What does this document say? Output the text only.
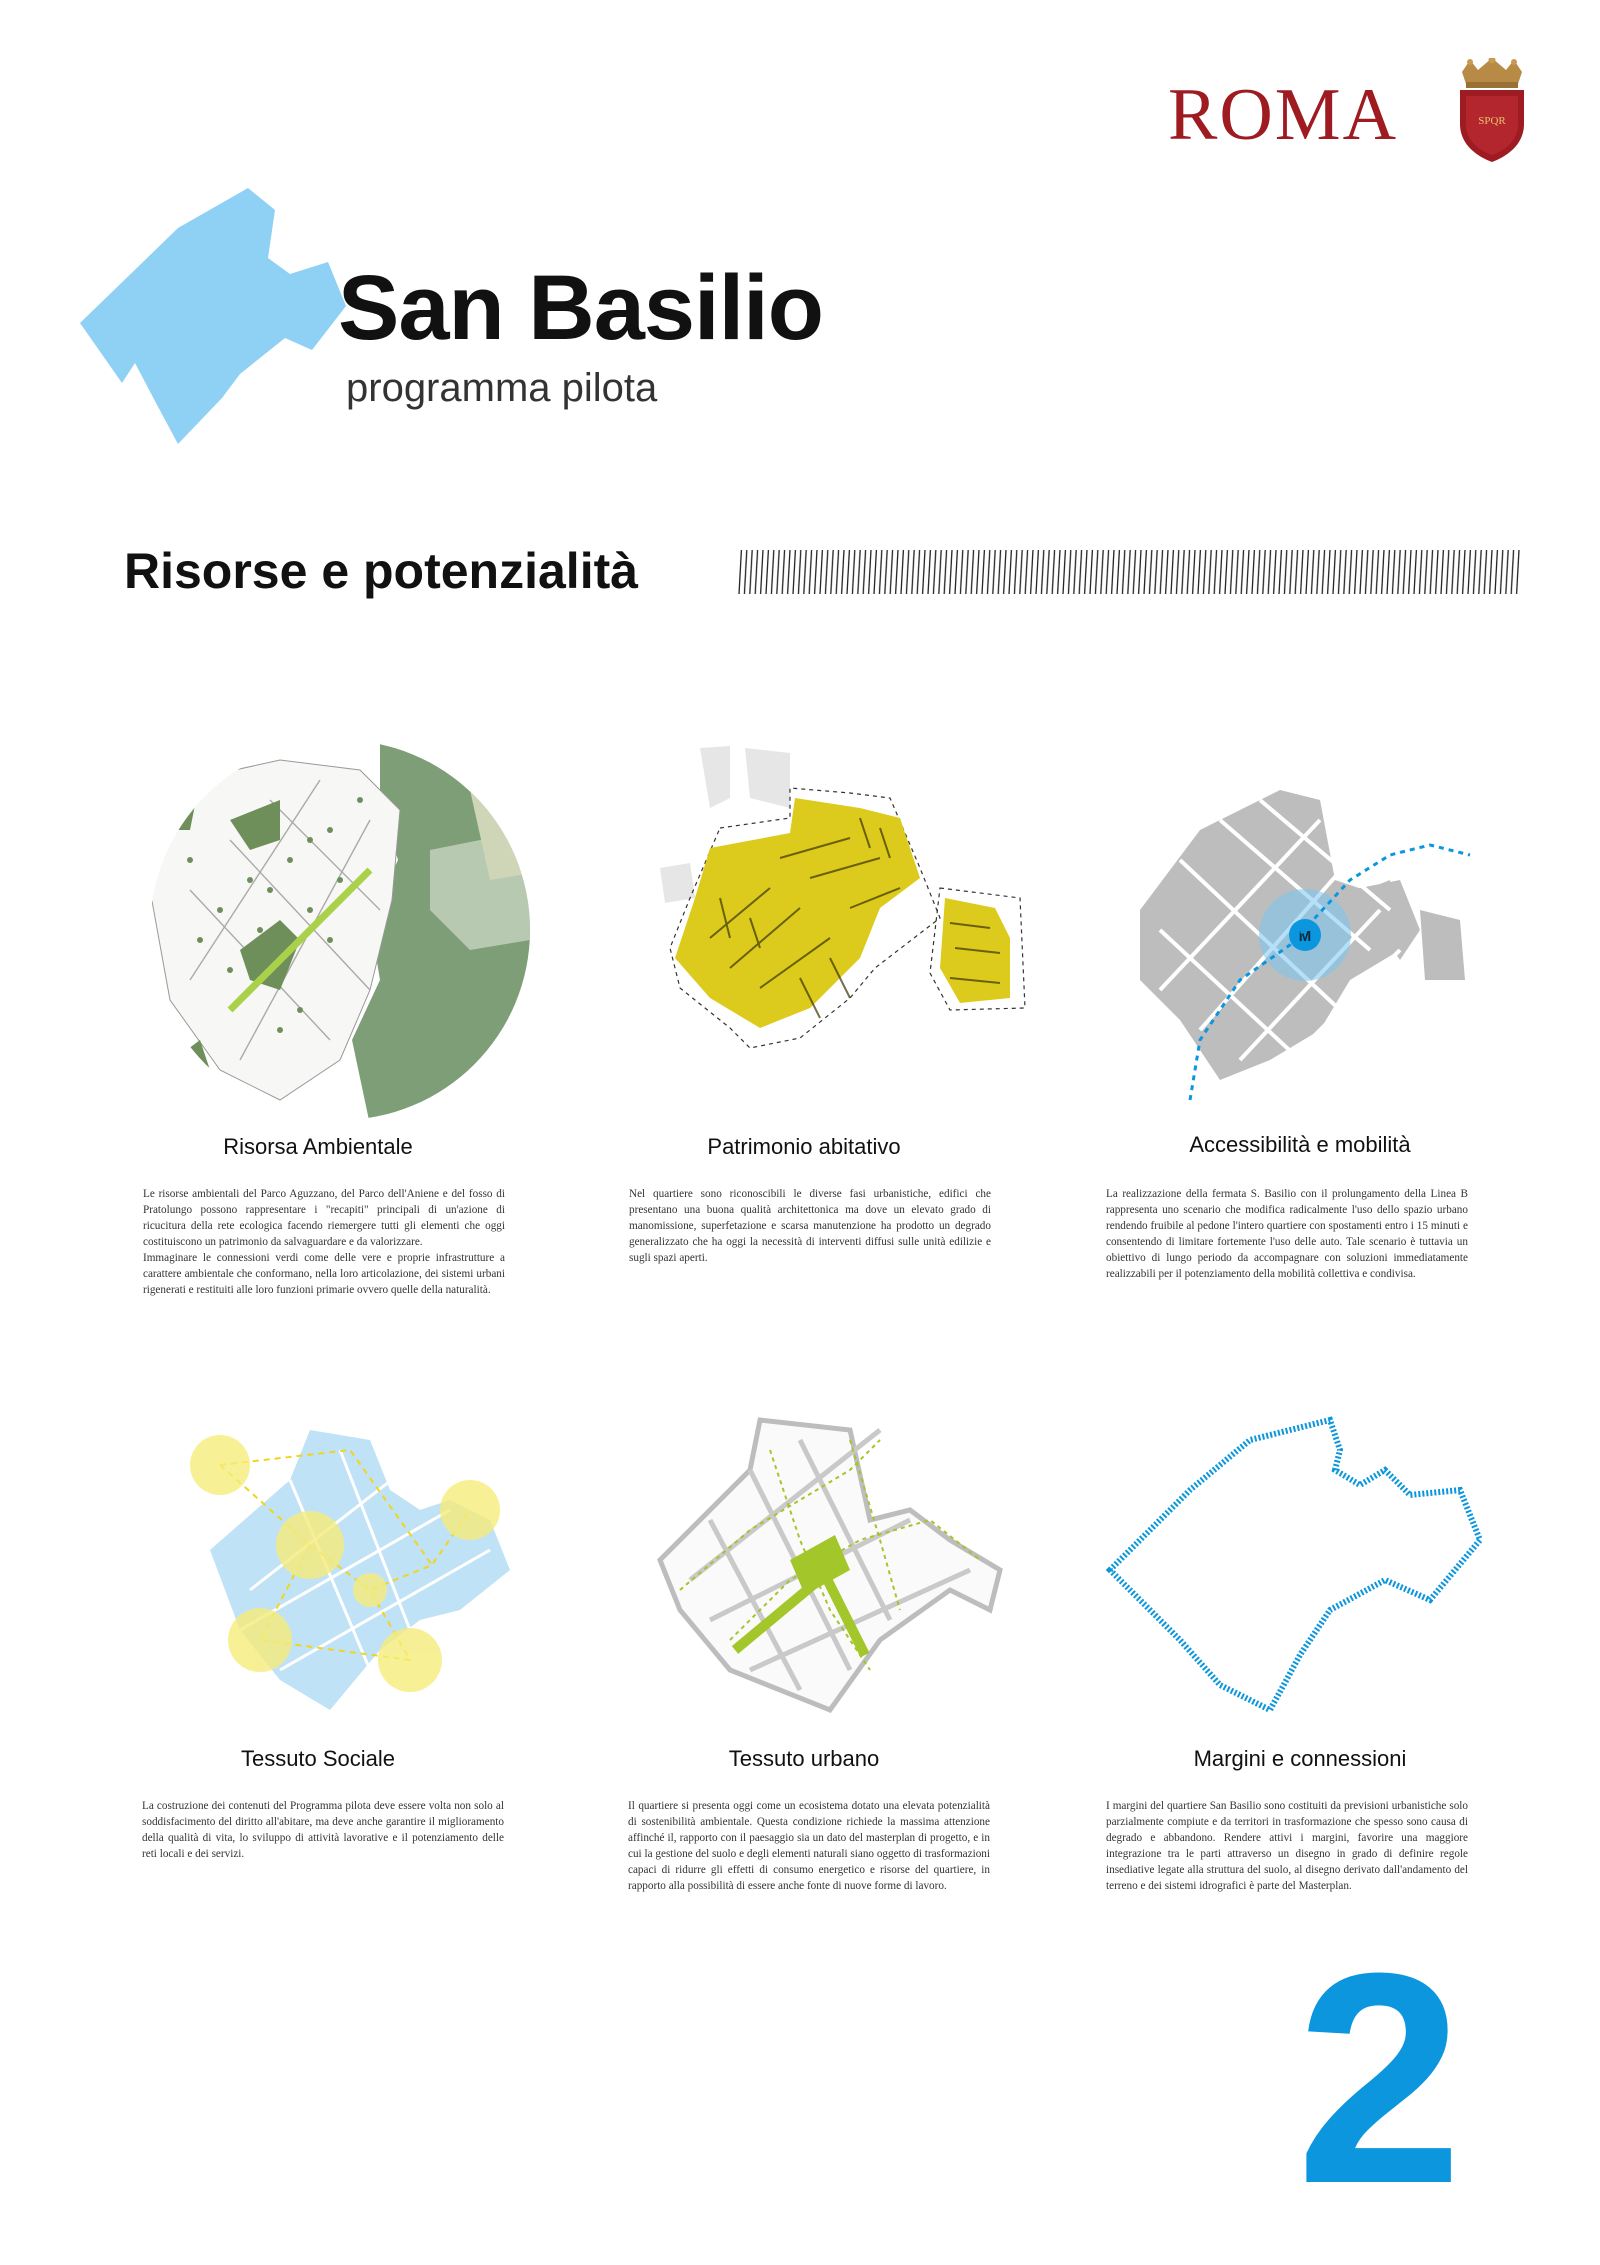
ROMA	SPQR
San Basilio
programma pilota
Risorse e potenzialità
Risorsa Ambientale

Le risorse ambientali del Parco Aguzzano, del Parco dell'Aniene e del fosso di Pratolungo possono rappresentare i "recapiti" principali di un'azione di ricucitura della rete ecologica facendo riemergere tutti gli elementi che oggi costituiscono un patrimonio da salvaguardare e da valorizzare.

Immaginare le connessioni verdi come delle vere e proprie infrastrutture a carattere ambientale che conformano, nella loro articolazione, dei sistemi urbani rigenerati e restituiti alle loro funzioni primarie ovvero quelle della naturalità.

Patrimonio abitativo

Nel quartiere sono riconoscibili le diverse fasi urbanistiche, edifici che presentano una buona qualità architettonica ma dove un elevato grado di manomissione, superfetazione e scarsa manutenzione ha prodotto un degrado generalizzato che ha oggi la necessità di interventi diffusi sulle unità edilizie e sugli spazi aperti.

M
Accessibilità e mobilità

La realizzazione della fermata S. Basilio con il prolungamento della Linea B rappresenta uno scenario che modifica radicalmente l'uso dello spazio urbano rendendo fruibile al pedone l'intero quartiere con spostamenti entro i 15 minuti e consentendo di limitare fortemente l'uso delle auto. Tale scenario è tuttavia un obiettivo di lungo periodo da accompagnare con soluzioni immediatamente realizzabili per il potenziamento della mobilità collettiva e condivisa.

Tessuto Sociale

La costruzione dei contenuti del Programma pilota deve essere volta non solo al soddisfacimento del diritto all'abitare, ma deve anche garantire il miglioramento della qualità di vita, lo sviluppo di attività lavorative e il potenziamento delle reti locali e dei servizi.

Tessuto urbano

Il quartiere si presenta oggi come un ecosistema dotato una elevata potenzialità di sostenibilità ambientale. Questa condizione richiede la massima attenzione affinché il, rapporto con il paesaggio sia un dato del masterplan di progetto, e in cui la gestione del suolo e degli elementi naturali siano oggetto di trasformazioni capaci di ridurre gli effetti di consumo energetico e risorse del quartiere, in rapporto alla possibilità di essere anche fonte di nuove forme di lavoro.

Margini e connessioni

I margini del quartiere San Basilio sono costituiti da previsioni urbanistiche solo parzialmente compiute e da territori in trasformazione che spesso sono causa di degrado e abbandono. Rendere attivi i margini, favorire una maggiore integrazione tra le parti attraverso un disegno in grado di definire regole insediative legate alla struttura del suolo, al disegno derivato dall'andamento del terreno e dei sistemi idrografici è parte del Masterplan.

2
